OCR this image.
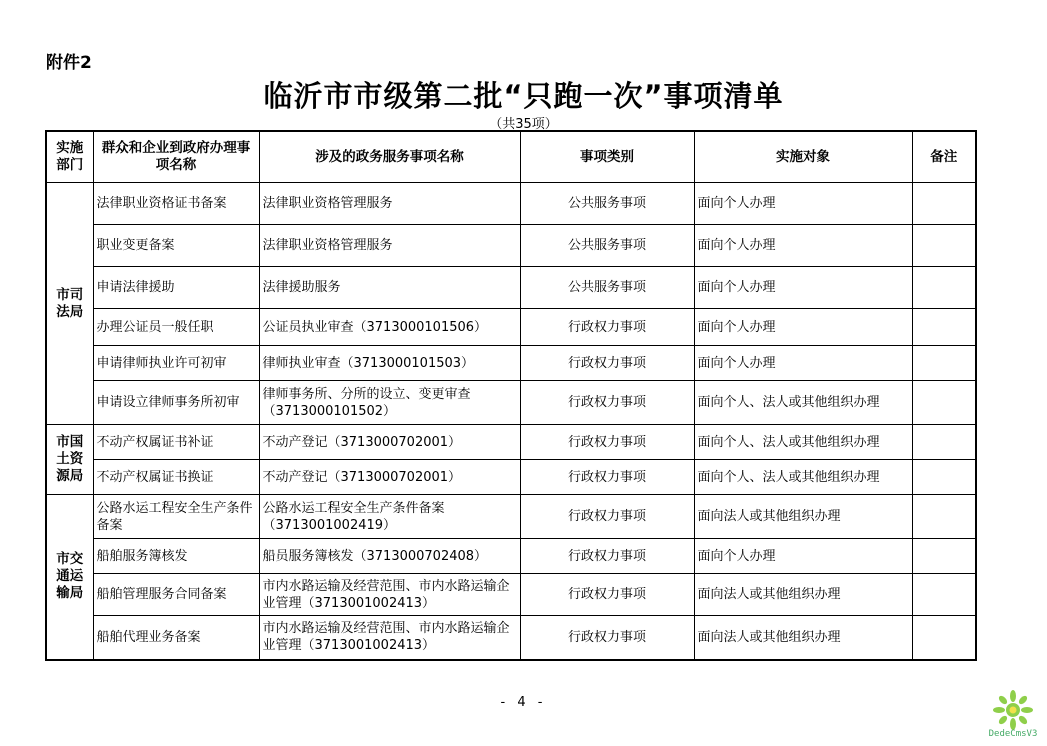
附件2
临沂市市级第二批“只跑一次”事项清单
（共35项）
实施部门	群众和企业到政府办理事项名称	涉及的政务服务事项名称	事项类别	实施对象	备注
市司法局	法律职业资格证书备案	法律职业资格管理服务	公共服务事项	面向个人办理	
	职业变更备案	法律职业资格管理服务	公共服务事项	面向个人办理	
	申请法律援助	法律援助服务	公共服务事项	面向个人办理	
	办理公证员一般任职	公证员执业审查（3713000101506）	行政权力事项	面向个人办理	
	申请律师执业许可初审	律师执业审查（3713000101503）	行政权力事项	面向个人办理	
	申请设立律师事务所初审	律师事务所、分所的设立、变更审查（3713000101502）	行政权力事项	面向个人、法人或其他组织办理	
市国土资源局	不动产权属证书补证	不动产登记（3713000702001）	行政权力事项	面向个人、法人或其他组织办理	
	不动产权属证书换证	不动产登记（3713000702001）	行政权力事项	面向个人、法人或其他组织办理	
市交通运输局	公路水运工程安全生产条件备案	公路水运工程安全生产条件备案（3713001002419）	行政权力事项	面向法人或其他组织办理	
	船舶服务簿核发	船员服务簿核发（3713000702408）	行政权力事项	面向个人办理	
	船舶管理服务合同备案	市内水路运输及经营范围、市内水路运输企业管理（3713001002413）	行政权力事项	面向法人或其他组织办理	
	船舶代理业务备案	市内水路运输及经营范围、市内水路运输企业管理（3713001002413）	行政权力事项	面向法人或其他组织办理	
- 4 -
DedeCmsV3
